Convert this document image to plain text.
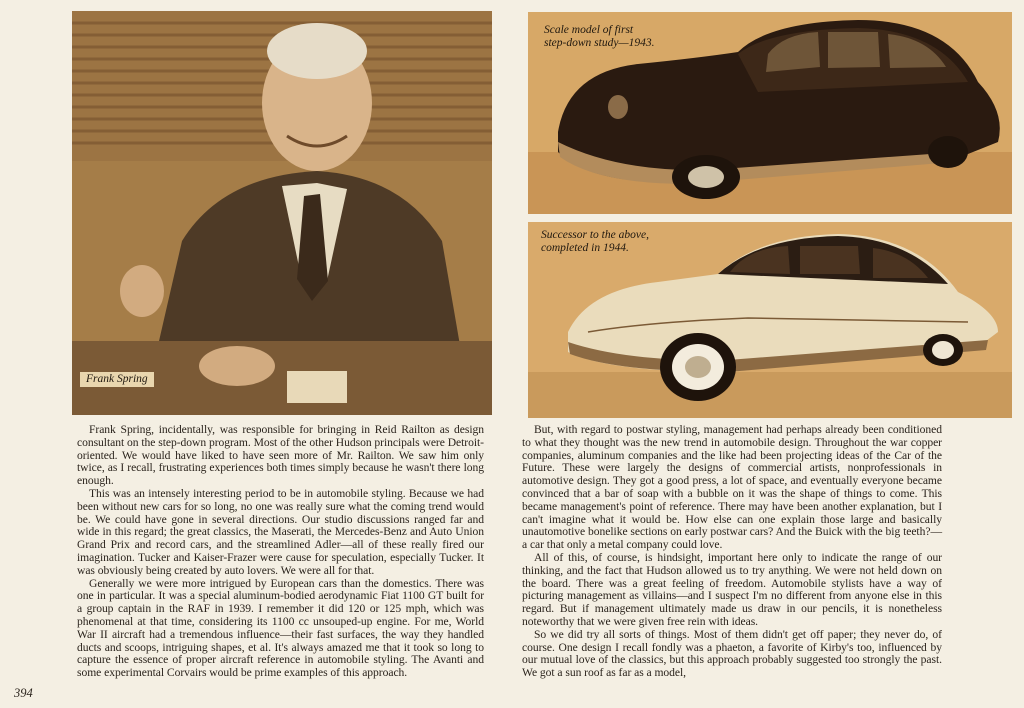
Frank Spring
Scale model of first
step-down study—1943.
Successor to the above,
completed in 1944.

Frank Spring, incidentally, was responsible for bringing in Reid Railton as design consultant on the step-down program. Most of the other Hudson principals were Detroit-oriented. We would have liked to have seen more of Mr. Railton. We saw him only twice, as I recall, frustrating experiences both times simply because he wasn't there long enough.

This was an intensely interesting period to be in automobile styling. Because we had been without new cars for so long, no one was really sure what the coming trend would be. We could have gone in several directions. Our studio discussions ranged far and wide in this regard; the great classics, the Maserati, the Mercedes-Benz and Auto Union Grand Prix and record cars, and the streamlined Adler—all of these really fired our imagination. Tucker and Kaiser-Frazer were cause for speculation, especially Tucker. It was obviously being created by auto lovers. We were all for that.

Generally we were more intrigued by European cars than the domestics. There was one in particular. It was a special aluminum-bodied aerodynamic Fiat 1100 GT built for a group captain in the RAF in 1939. I remember it did 120 or 125 mph, which was phenomenal at that time, considering its 1100 cc unsouped-up engine. For me, World War II aircraft had a tremendous influence—their fast surfaces, the way they handled ducts and scoops, intriguing shapes, et al. It's always amazed me that it took so long to capture the essence of proper aircraft reference in automobile styling. The Avanti and some experimental Corvairs would be prime examples of this approach.

But, with regard to postwar styling, management had perhaps already been conditioned to what they thought was the new trend in automobile design. Throughout the war copper companies, aluminum companies and the like had been projecting ideas of the Car of the Future. These were largely the designs of commercial artists, nonprofessionals in automotive design. They got a good press, a lot of space, and eventually everyone became convinced that a bar of soap with a bubble on it was the shape of things to come. This became management's point of reference. There may have been another explanation, but I can't imagine what it would be. How else can one explain those large and basically unautomotive bonelike sections on early postwar cars? And the Buick with the big teeth?—a car that only a metal company could love.

All of this, of course, is hindsight, important here only to indicate the range of our thinking, and the fact that Hudson allowed us to try anything. We were not held down on the board. There was a great feeling of freedom. Automobile stylists have a way of picturing management as villains—and I suspect I'm no different from anyone else in this regard. But if management ultimately made us draw in our pencils, it is nonetheless noteworthy that we were given free rein with ideas.

So we did try all sorts of things. Most of them didn't get off paper; they never do, of course. One design I recall fondly was a phaeton, a favorite of Kirby's too, influenced by our mutual love of the classics, but this approach probably suggested too strongly the past. We got a sun roof as far as a model,

394
